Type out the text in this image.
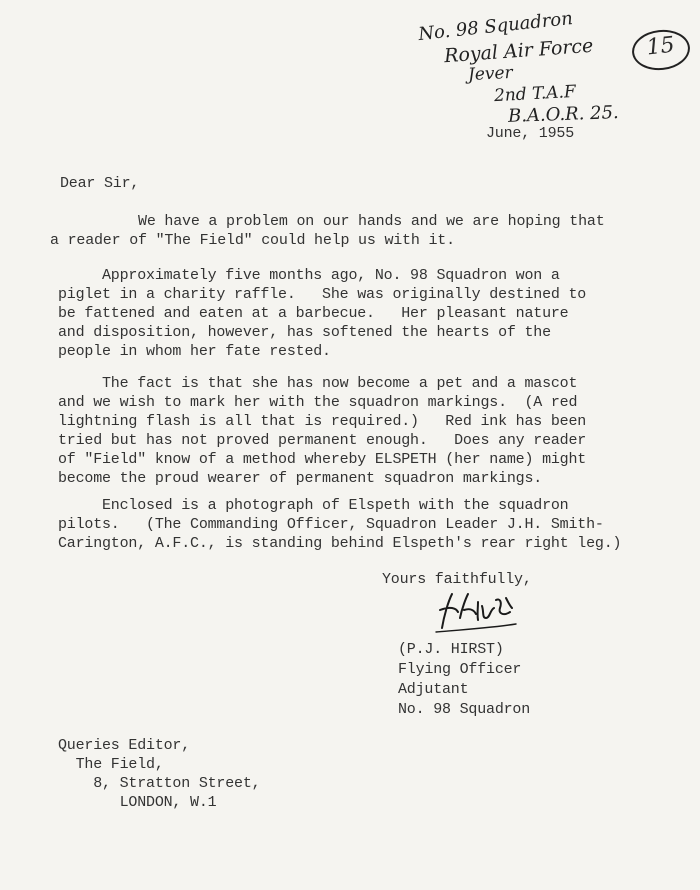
No. 98 Squadron
Royal Air Force
Jever
2nd T.A.F
B.A.O.R. 25.
15
June, 1955
Dear Sir,
We have a problem on our hands and we are hoping that
a reader of "The Field" could help us with it.
Approximately five months ago, No. 98 Squadron won a
piglet in a charity raffle.   She was originally destined to
be fattened and eaten at a barbecue.   Her pleasant nature
and disposition, however, has softened the hearts of the
people in whom her fate rested.
The fact is that she has now become a pet and a mascot
and we wish to mark her with the squadron markings.  (A red
lightning flash is all that is required.)   Red ink has been
tried but has not proved permanent enough.   Does any reader
of "Field" know of a method whereby ELSPETH (her name) might
become the proud wearer of permanent squadron markings.
Enclosed is a photograph of Elspeth with the squadron
pilots.   (The Commanding Officer, Squadron Leader J.H. Smith-
Carington, A.F.C., is standing behind Elspeth's rear right leg.)
Yours faithfully,
(P.J. HIRST)
Flying Officer
Adjutant
No. 98 Squadron
Queries Editor,
The Field,
8, Stratton Street,
LONDON, W.1
